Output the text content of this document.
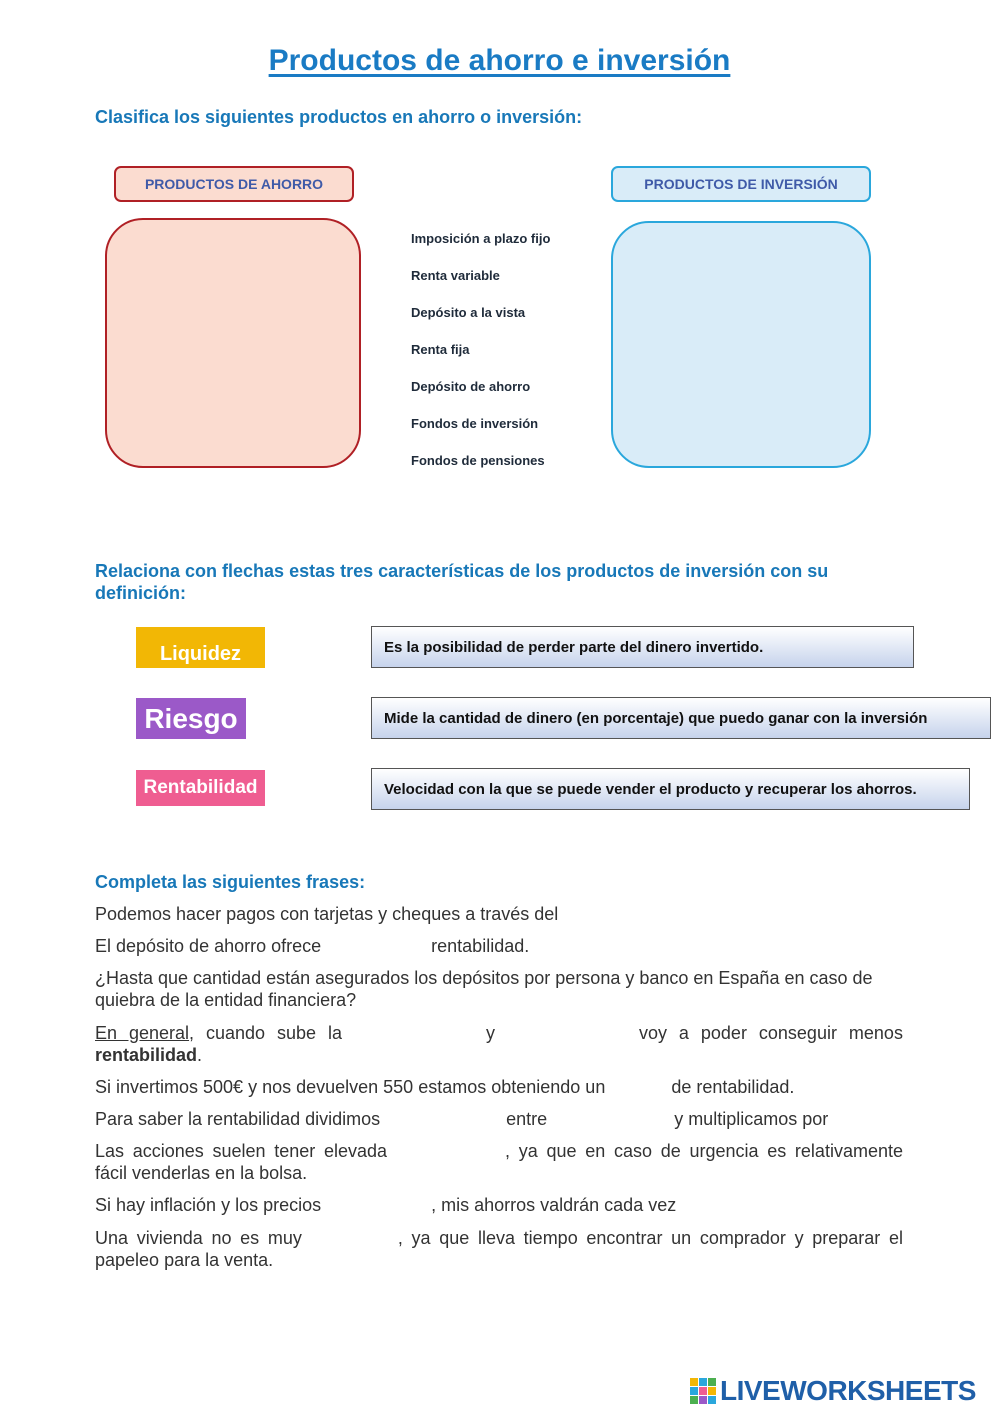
Productos de ahorro e inversión
Clasifica los siguientes productos en ahorro o inversión:
PRODUCTOS DE AHORRO	PRODUCTOS DE INVERSIÓN
Imposición a plazo fijo
Renta variable
Depósito a la vista
Renta fija
Depósito de ahorro
Fondos de inversión
Fondos de pensiones
Relaciona con flechas estas tres características de los productos de inversión con su definición:
Liquidez
Riesgo
Rentabilidad
Es la posibilidad de perder parte del dinero invertido.
Mide la cantidad de dinero (en porcentaje) que puedo ganar con la inversión
Velocidad con la que se puede vender el producto y recuperar los ahorros.
Completa las siguientes frases:
Podemos hacer pagos con tarjetas y cheques a través del
El depósito de ahorro ofrece	rentabilidad.
¿Hasta que cantidad están asegurados los depósitos por persona y banco en España en caso de quiebra de la entidad financiera?
En general, cuando sube la	y	voy a poder conseguir menos
rentabilidad.
Si invertimos 500€ y nos devuelven 550 estamos obteniendo un	de rentabilidad.
Para saber la rentabilidad dividimos	entre	y multiplicamos por
Las acciones suelen tener elevada	, ya que en caso de urgencia es relativamente
fácil venderlas en la bolsa.
Si hay inflación y los precios	, mis ahorros valdrán cada vez
Una vivienda no es muy	, ya que lleva tiempo encontrar un comprador y preparar el
papeleo para la venta.
LIVEWORKSHEETS
